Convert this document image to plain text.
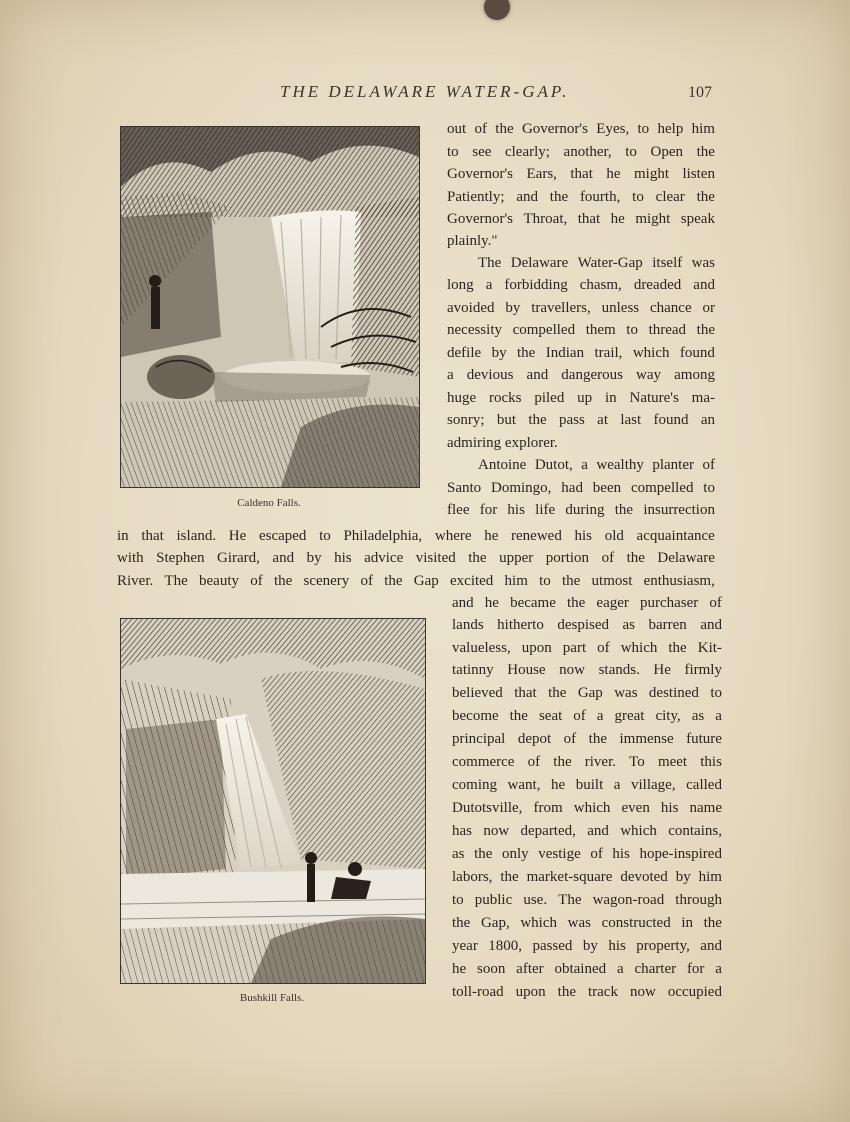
THE DELAWARE WATER-GAP.	107
Caldeno Falls.
Bushkill Falls.
out of the Governor's Eyes, to help him
to see clearly; another, to Open the
Governor's Ears, that he might listen
Patiently; and the fourth, to clear the
Governor's Throat, that he might speak
plainly."
The Delaware Water-Gap itself was
long a forbidding chasm, dreaded and
avoided by travellers, unless chance or
necessity compelled them to thread the
defile by the Indian trail, which found
a devious and dangerous way among
huge rocks piled up in Nature's ma-
sonry; but the pass at last found an
admiring explorer.
Antoine Dutot, a wealthy planter of
Santo Domingo, had been compelled to
flee for his life during the insurrection
in that island. He escaped to Philadelphia, where he renewed his old acquaintance
with Stephen Girard, and by his advice visited the upper portion of the Delaware
River. The beauty of the scenery of the Gap excited him to the utmost enthusiasm,
and he became the eager purchaser of
lands hitherto despised as barren and
valueless, upon part of which the Kit-
tatinny House now stands. He firmly
believed that the Gap was destined to
become the seat of a great city, as a
principal depot of the immense future
commerce of the river. To meet this
coming want, he built a village, called
Dutotsville, from which even his name
has now departed, and which contains,
as the only vestige of his hope-inspired
labors, the market-square devoted by him
to public use. The wagon-road through
the Gap, which was constructed in the
year 1800, passed by his property, and
he soon after obtained a charter for a
toll-road upon the track now occupied
